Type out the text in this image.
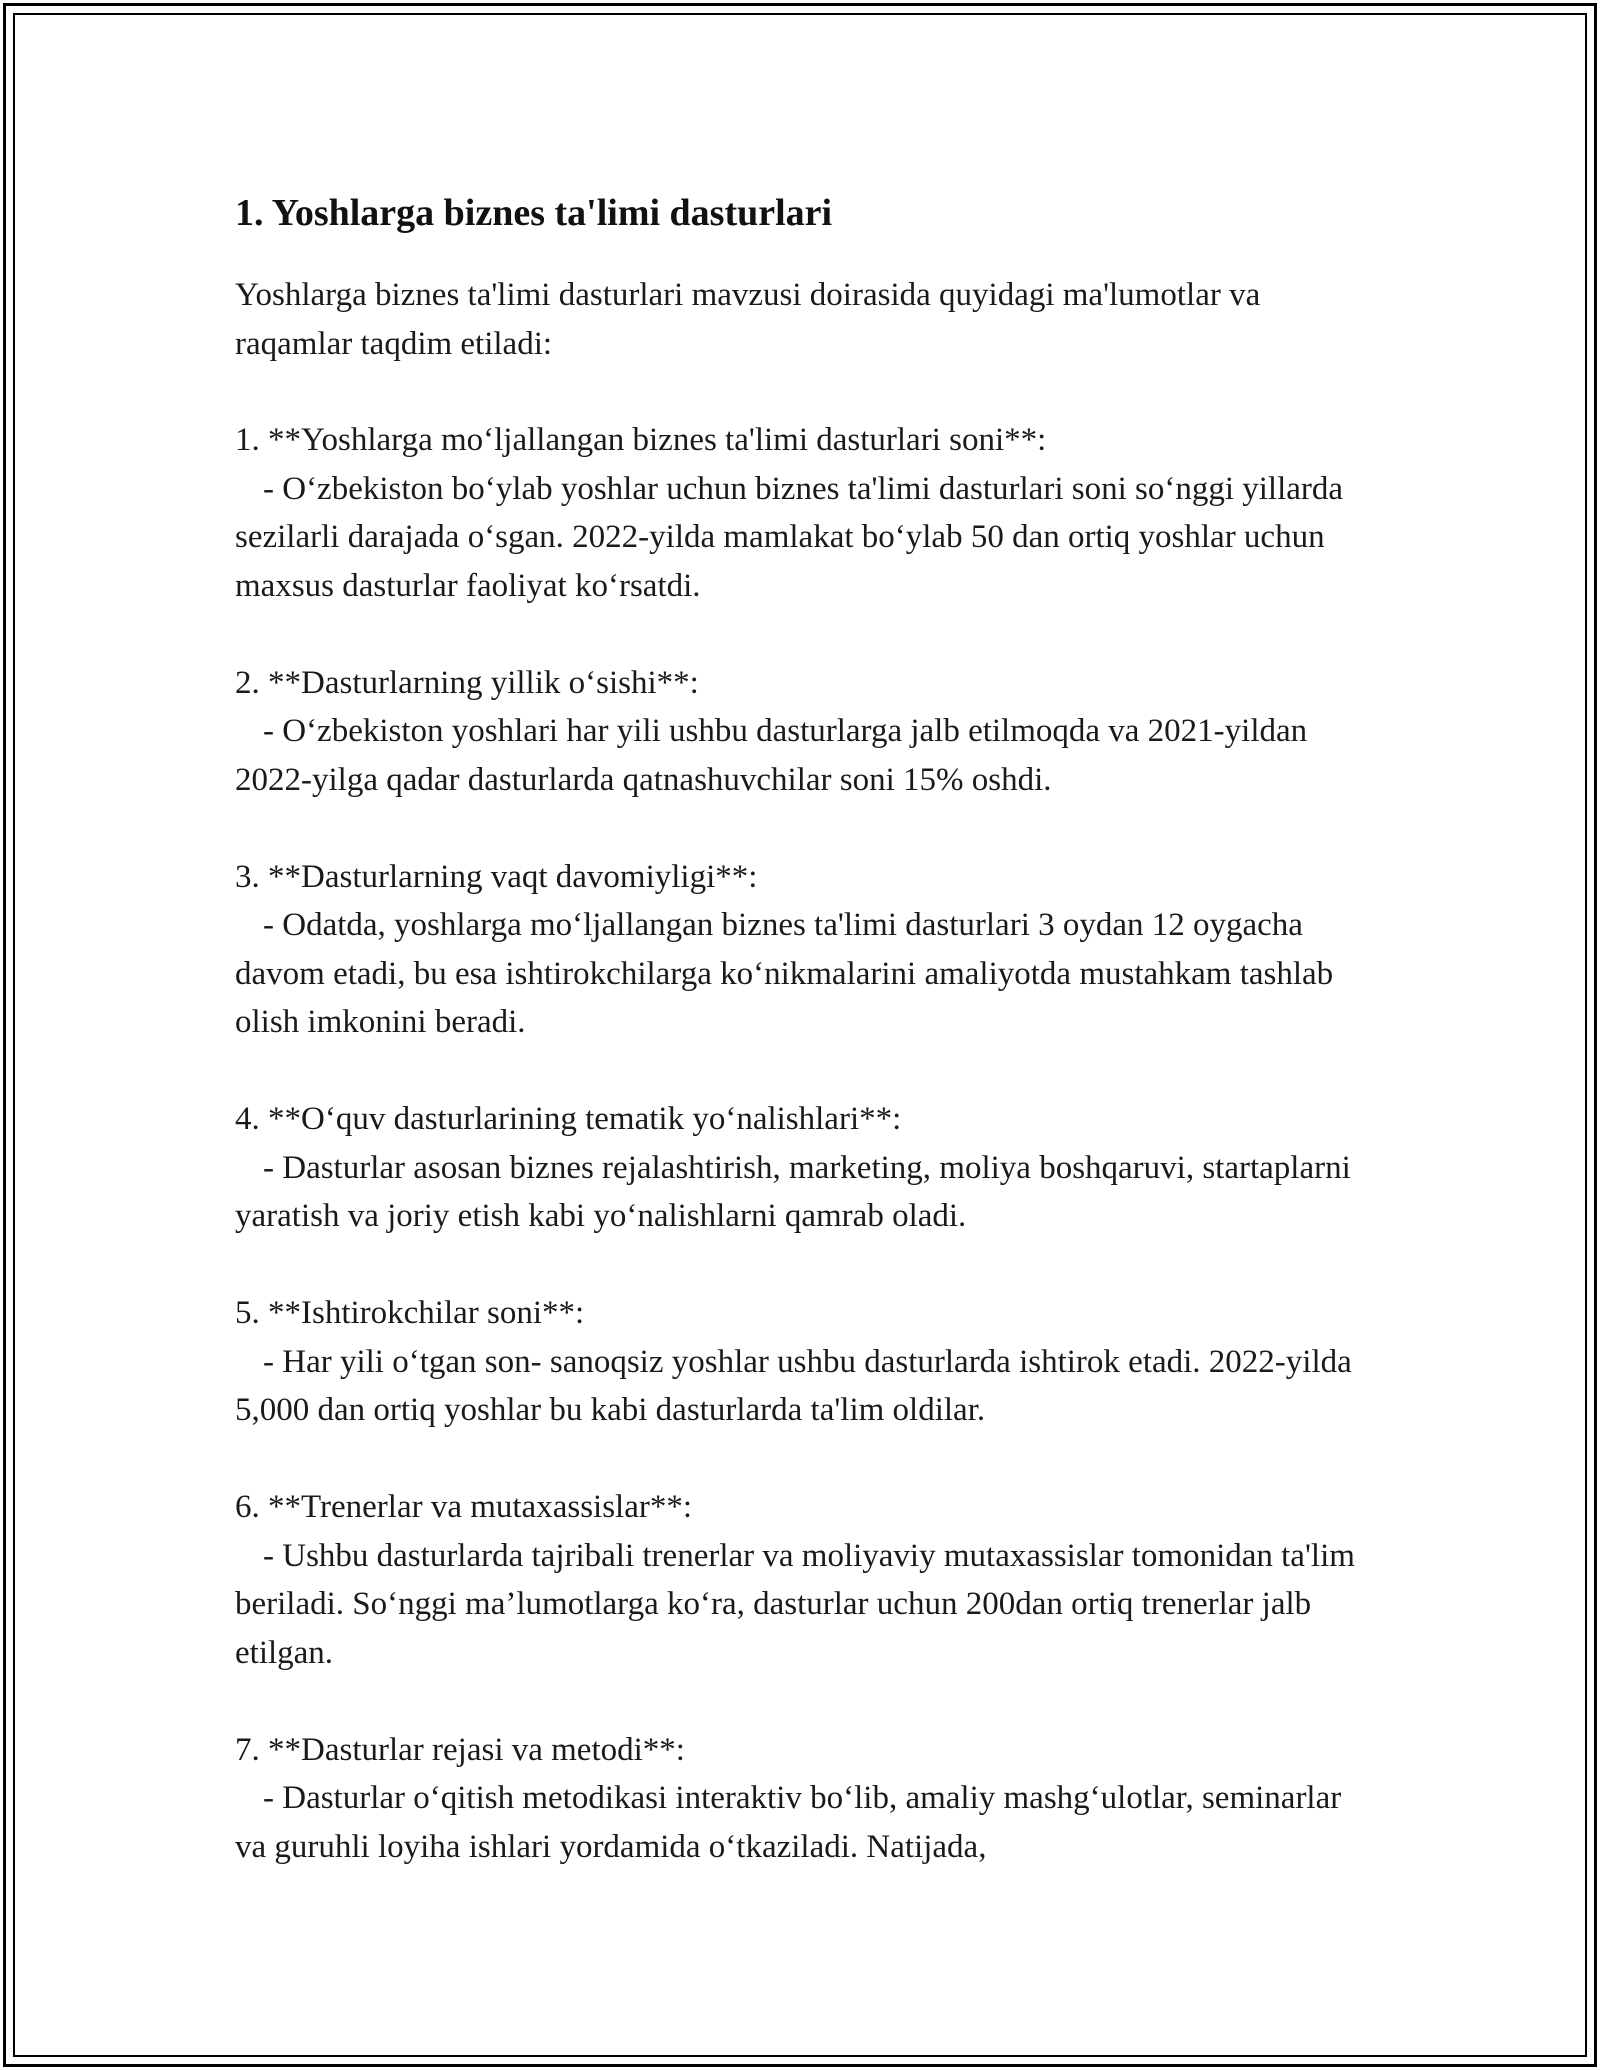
1. Yoshlarga biznes ta'limi dasturlari

Yoshlarga biznes ta'limi dasturlari mavzusi doirasida quyidagi ma'lumotlar va raqamlar taqdim etiladi:

1. **Yoshlarga mo‘ljallangan biznes ta'limi dasturlari soni**:
- O‘zbekiston bo‘ylab yoshlar uchun biznes ta'limi dasturlari soni so‘nggi yillarda sezilarli darajada o‘sgan. 2022-yilda mamlakat bo‘ylab 50 dan ortiq yoshlar uchun maxsus dasturlar faoliyat ko‘rsatdi.
2. **Dasturlarning yillik o‘sishi**:
- O‘zbekiston yoshlari har yili ushbu dasturlarga jalb etilmoqda va 2021-yildan 2022-yilga qadar dasturlarda qatnashuvchilar soni 15% oshdi.
3. **Dasturlarning vaqt davomiyligi**:
- Odatda, yoshlarga mo‘ljallangan biznes ta'limi dasturlari 3 oydan 12 oygacha davom etadi, bu esa ishtirokchilarga ko‘nikmalarini amaliyotda mustahkam tashlab olish imkonini beradi.
4. **O‘quv dasturlarining tematik yo‘nalishlari**:
- Dasturlar asosan biznes rejalashtirish, marketing, moliya boshqaruvi, startaplarni yaratish va joriy etish kabi yo‘nalishlarni qamrab oladi.
5. **Ishtirokchilar soni**:
- Har yili o‘tgan son- sanoqsiz yoshlar ushbu dasturlarda ishtirok etadi. 2022-yilda 5,000 dan ortiq yoshlar bu kabi dasturlarda ta'lim oldilar.
6. **Trenerlar va mutaxassislar**:
- Ushbu dasturlarda tajribali trenerlar va moliyaviy mutaxassislar tomonidan ta'lim beriladi. So‘nggi ma’lumotlarga ko‘ra, dasturlar uchun 200dan ortiq trenerlar jalb etilgan.
7. **Dasturlar rejasi va metodi**:
- Dasturlar o‘qitish metodikasi interaktiv bo‘lib, amaliy mashg‘ulotlar, seminarlar va guruhli loyiha ishlari yordamida o‘tkaziladi. Natijada,
